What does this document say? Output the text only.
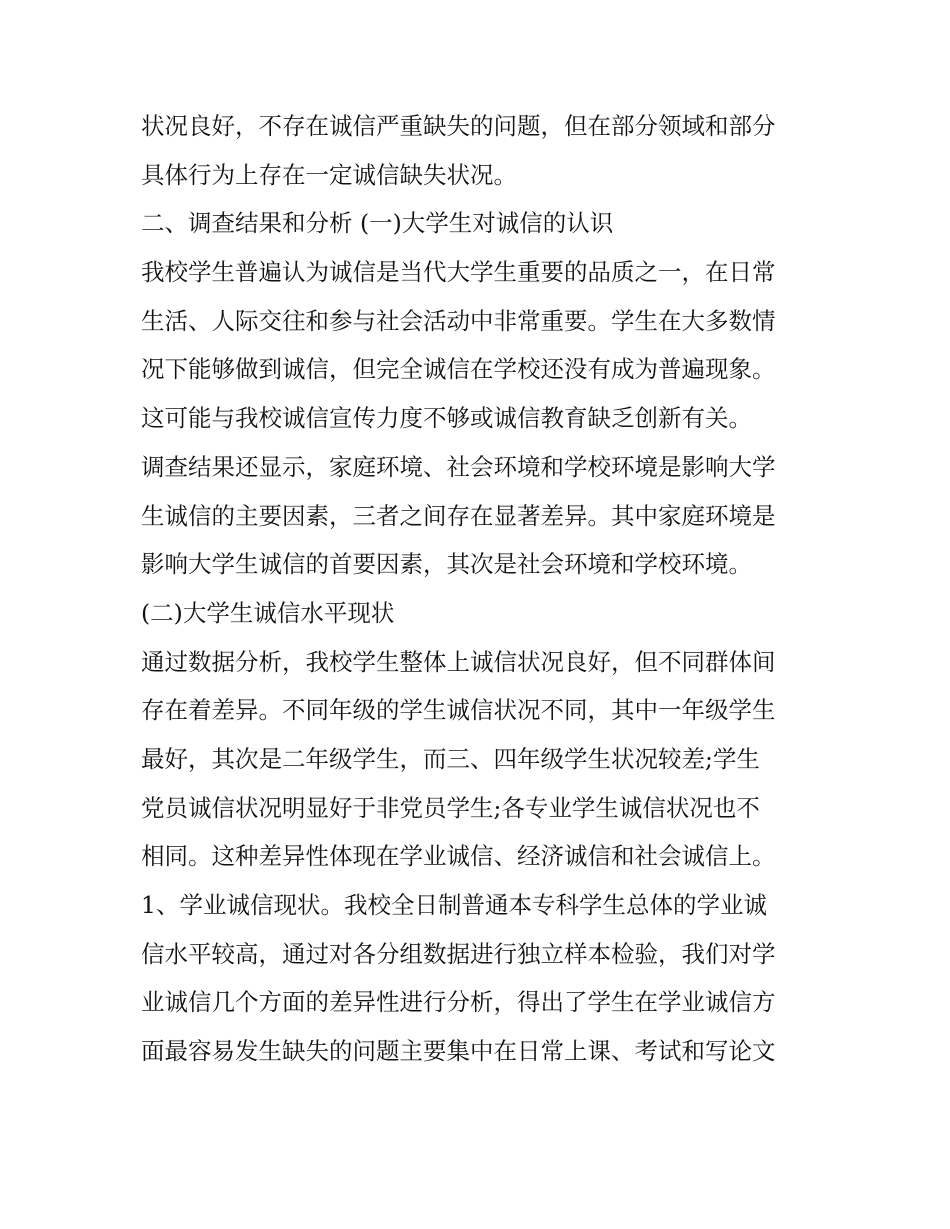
状况良好，不存在诚信严重缺失的问题，但在部分领域和部分
具体行为上存在一定诚信缺失状况。
二、调查结果和分析 (一)大学生对诚信的认识
我校学生普遍认为诚信是当代大学生重要的品质之一，在日常
生活、人际交往和参与社会活动中非常重要。学生在大多数情
况下能够做到诚信，但完全诚信在学校还没有成为普遍现象。
这可能与我校诚信宣传力度不够或诚信教育缺乏创新有关。
调查结果还显示，家庭环境、社会环境和学校环境是影响大学
生诚信的主要因素，三者之间存在显著差异。其中家庭环境是
影响大学生诚信的首要因素，其次是社会环境和学校环境。
(二)大学生诚信水平现状
通过数据分析，我校学生整体上诚信状况良好，但不同群体间
存在着差异。不同年级的学生诚信状况不同，其中一年级学生
最好，其次是二年级学生，而三、四年级学生状况较差;学生
党员诚信状况明显好于非党员学生;各专业学生诚信状况也不
相同。这种差异性体现在学业诚信、经济诚信和社会诚信上。
1、学业诚信现状。我校全日制普通本专科学生总体的学业诚
信水平较高，通过对各分组数据进行独立样本检验，我们对学
业诚信几个方面的差异性进行分析，得出了学生在学业诚信方
面最容易发生缺失的问题主要集中在日常上课、考试和写论文
